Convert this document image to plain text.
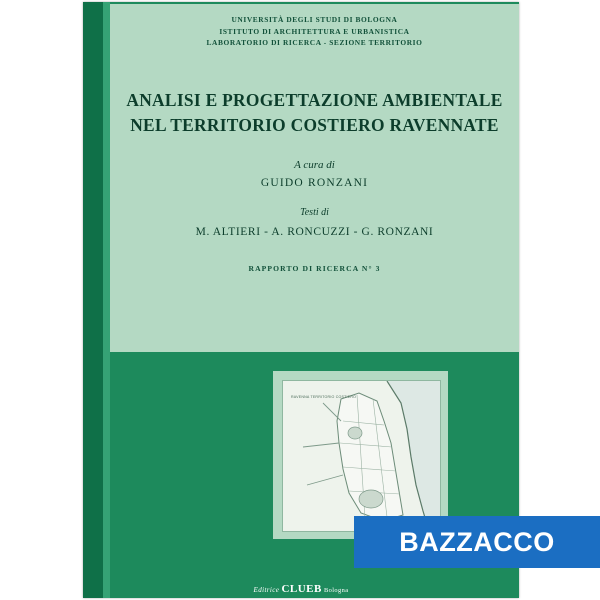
UNIVERSITÀ DEGLI STUDI DI BOLOGNA
ISTITUTO DI ARCHITETTURA E URBANISTICA
LABORATORIO DI RICERCA - SEZIONE TERRITORIO
ANALISI E PROGETTAZIONE AMBIENTALE
NEL TERRITORIO COSTIERO RAVENNATE
A cura di
GUIDO RONZANI
Testi di
M. ALTIERI - A. RONCUZZI - G. RONZANI
RAPPORTO DI RICERCA N° 3
RAVENNA TERRITORIO COSTIERO
Editrice CLUEB Bologna
BAZZACCO
